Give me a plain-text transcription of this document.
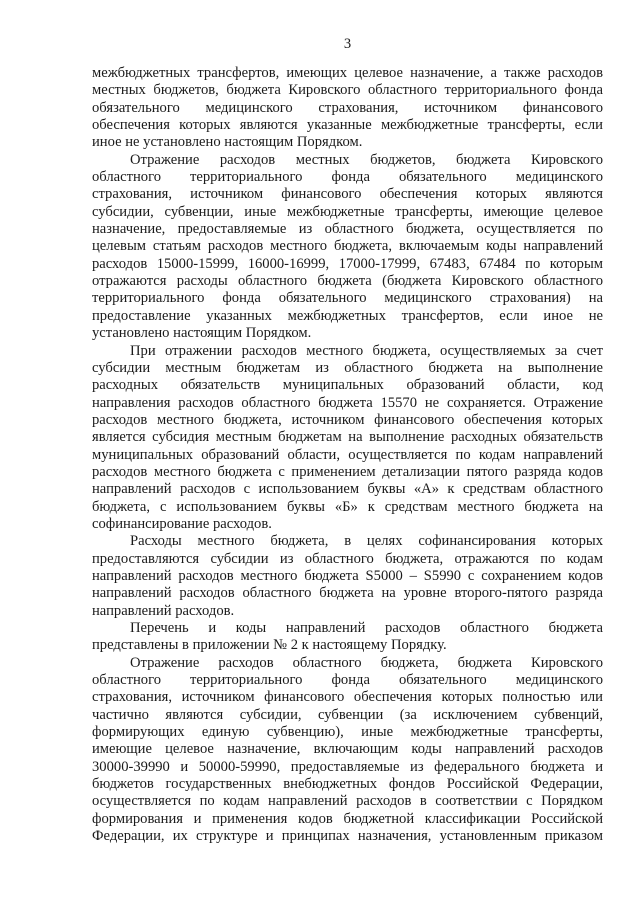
3
межбюджетных трансфертов, имеющих целевое назначение, а также расходов
местных бюджетов, бюджета Кировского областного территориального фонда
обязательного медицинского страхования, источником финансового
обеспечения которых являются указанные межбюджетные трансферты, если
иное не установлено настоящим Порядком.
Отражение расходов местных бюджетов, бюджета Кировского
областного территориального фонда обязательного медицинского
страхования, источником финансового обеспечения которых являются
субсидии, субвенции, иные межбюджетные трансферты, имеющие целевое
назначение, предоставляемые из областного бюджета, осуществляется по
целевым статьям расходов местного бюджета, включаемым коды направлений
расходов 15000-15999, 16000-16999, 17000-17999, 67483, 67484 по которым
отражаются расходы областного бюджета (бюджета Кировского областного
территориального фонда обязательного медицинского страхования) на
предоставление указанных межбюджетных трансфертов, если иное не
установлено настоящим Порядком.
При отражении расходов местного бюджета, осуществляемых за счет
субсидии местным бюджетам из областного бюджета на выполнение
расходных обязательств муниципальных образований области, код
направления расходов областного бюджета 15570 не сохраняется. Отражение
расходов местного бюджета, источником финансового обеспечения которых
является субсидия местным бюджетам на выполнение расходных обязательств
муниципальных образований области, осуществляется по кодам направлений
расходов местного бюджета с применением детализации пятого разряда кодов
направлений расходов с использованием буквы «А» к средствам областного
бюджета, с использованием буквы «Б» к средствам местного бюджета на
софинансирование расходов.
Расходы местного бюджета, в целях софинансирования которых
предоставляются субсидии из областного бюджета, отражаются по кодам
направлений расходов местного бюджета S5000 – S5990 с сохранением кодов
направлений расходов областного бюджета на уровне второго-пятого разряда
направлений расходов.
Перечень и коды направлений расходов областного бюджета
представлены в приложении № 2 к настоящему Порядку.
Отражение расходов областного бюджета, бюджета Кировского
областного территориального фонда обязательного медицинского
страхования, источником финансового обеспечения которых полностью или
частично являются субсидии, субвенции (за исключением субвенций,
формирующих единую субвенцию), иные межбюджетные трансферты,
имеющие целевое назначение, включающим коды направлений расходов
30000-39990 и 50000-59990, предоставляемые из федерального бюджета и
бюджетов государственных внебюджетных фондов Российской Федерации,
осуществляется по кодам направлений расходов в соответствии с Порядком
формирования и применения кодов бюджетной классификации Российской
Федерации, их структуре и принципах назначения, установленным приказом
